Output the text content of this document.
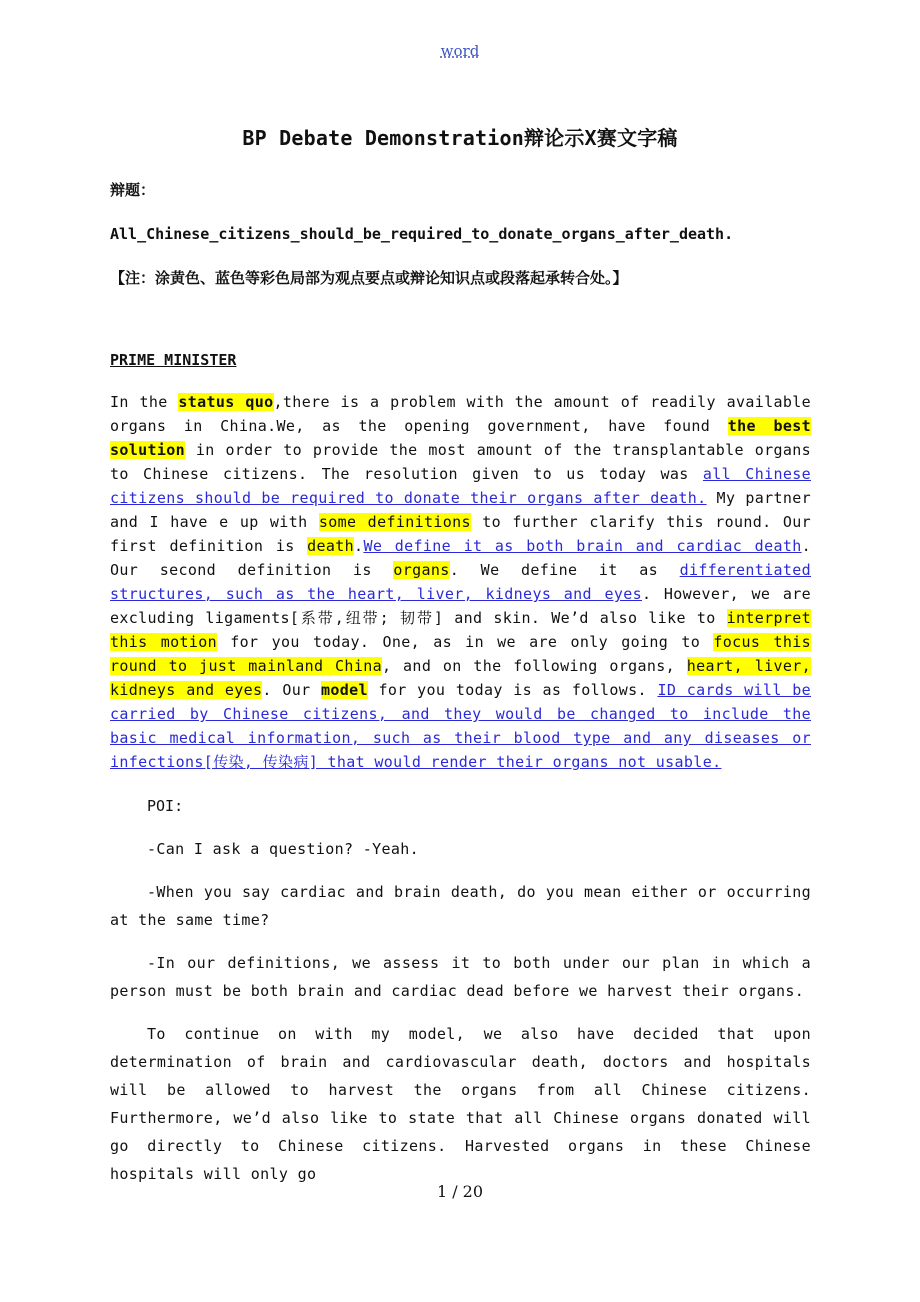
word
BP Debate Demonstration辩论示X赛文字稿
辩题：
All_Chinese_citizens_should_be_required_to_donate_organs_after_death.
【注：涂黄色、蓝色等彩色局部为观点要点或辩论知识点或段落起承转合处。】
PRIME MINISTER

In the status quo,there is a problem with the amount of readily available organs in China.We, as the opening government, have found the best solution in order to provide the most amount of the transplantable organs to Chinese citizens. The resolution given to us today was all Chinese citizens should be required to donate their organs after death. My partner and I have e up with some definitions to further clarify this round. Our first definition is death.We define it as both brain and cardiac death. Our second definition is organs. We define it as differentiated structures, such as the heart, liver, kidneys and eyes. However, we are excluding ligaments[系带,纽带; 韧带] and skin. We’d also like to interpret this motion for you today. One, as in we are only going to focus this round to just mainland China, and on the following organs, heart, liver, kidneys and eyes. Our model for you today is as follows. ID cards will be carried by Chinese citizens, and they would be changed to include the basic medical information, such as their blood type and any diseases or infections[传染, 传染病] that would render their organs not usable.

POI:
-Can I ask a question? -Yeah.
-When you say cardiac and brain death, do you mean either or occurring at the same time?
-In our definitions, we assess it to both under our plan in which a person must be both brain and cardiac dead before we harvest their organs.
To continue on with my model, we also have decided that upon determination of brain and cardiovascular death, doctors and hospitals will be allowed to harvest the organs from all Chinese citizens. Furthermore, we’d also like to state that all Chinese organs donated will go directly to Chinese citizens. Harvested organs in these Chinese hospitals will only go
1 / 20
